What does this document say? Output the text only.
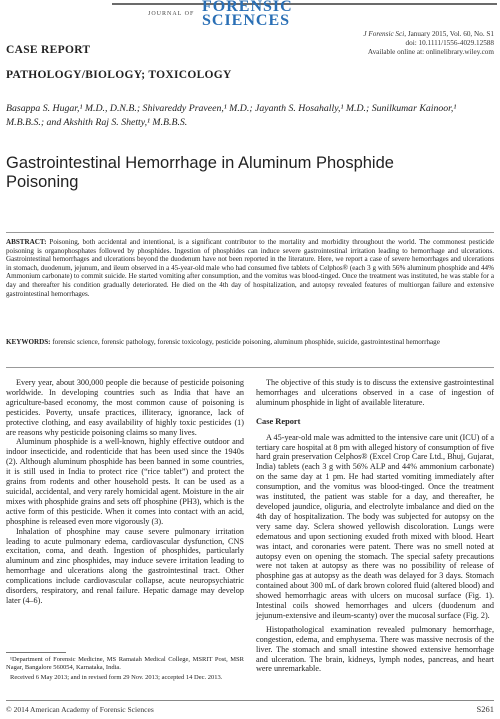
JOURNAL OF FORENSIC
SCIENCES
J Forensic Sci, January 2015, Vol. 60, No. S1
doi: 10.1111/1556-4029.12588
Available online at: onlinelibrary.wiley.com
CASE REPORT
PATHOLOGY/BIOLOGY; TOXICOLOGY
Basappa S. Hugar,¹ M.D., D.N.B.; Shivareddy Praveen,¹ M.D.; Jayanth S. Hosahally,¹ M.D.; Sunilkumar Kainoor,¹ M.B.B.S.; and Akshith Raj S. Shetty,¹ M.B.B.S.
Gastrointestinal Hemorrhage in Aluminum Phosphide Poisoning
ABSTRACT: Poisoning, both accidental and intentional, is a significant contributor to the mortality and morbidity throughout the world. The commonest pesticide poisoning is organophosphates followed by phosphides. Ingestion of phosphides can induce severe gastrointestinal irritation leading to hemorrhage and ulcerations. Gastrointestinal hemorrhages and ulcerations beyond the duodenum have not been reported in the literature. Here, we report a case of severe hemorrhages and ulcerations in stomach, duodenum, jejunum, and ileum observed in a 45-year-old male who had consumed five tablets of Celphos® (each 3 g with 56% aluminum phosphide and 44% Ammonium carbonate) to commit suicide. He started vomiting after consumption, and the vomitus was blood-tinged. Once the treatment was instituted, he was stable for a day and thereafter his condition gradually deteriorated. He died on the 4th day of hospitalization, and autopsy revealed features of multiorgan failure and extensive gastrointestinal hemorrhages.
KEYWORDS: forensic science, forensic pathology, forensic toxicology, pesticide poisoning, aluminum phosphide, suicide, gastrointestinal hemorrhage

Every year, about 300,000 people die because of pesticide poisoning worldwide. In developing countries such as India that have an agriculture-based economy, the most common cause of poisoning is pesticides. Poverty, unsafe practices, illiteracy, ignorance, lack of protective clothing, and easy availability of highly toxic pesticides (1) are reasons why pesticide poisoning claims so many lives.

Aluminum phosphide is a well-known, highly effective outdoor and indoor insecticide, and rodenticide that has been used since the 1940s (2). Although aluminum phosphide has been banned in some countries, it is still used in India to protect rice (“rice tablet”) and protect the grains from rodents and other household pests. It can be used as a suicidal, accidental, and very rarely homicidal agent. Moisture in the air mixes with phosphide grains and sets off phosphine (PH3), which is the active form of this pesticide. When it comes into contact with an acid, phosphine is released even more vigorously (3).

Inhalation of phosphine may cause severe pulmonary irritation leading to acute pulmonary edema, cardiovascular dysfunction, CNS excitation, coma, and death. Ingestion of phosphides, particularly aluminum and zinc phosphides, may induce severe irritation leading to hemorrhage and ulcerations along the gastrointestinal tract. Other complications include cardiovascular collapse, acute neuropsychiatric disorders, respiratory, and renal failure. Hepatic damage may develop later (4–6).

The objective of this study is to discuss the extensive gastrointestinal hemorrhages and ulcerations observed in a case of ingestion of aluminum phosphide in light of available literature.

Case Report

A 45-year-old male was admitted to the intensive care unit (ICU) of a tertiary care hospital at 8 pm with alleged history of consumption of five hard grain preservation Celphos® (Excel Crop Care Ltd., Bhuj, Gujarat, India) tablets (each 3 g with 56% ALP and 44% ammonium carbonate) on the same day at 1 pm. He had started vomiting immediately after consumption, and the vomitus was blood-tinged. Once the treatment was instituted, the patient was stable for a day, and thereafter, he developed jaundice, oliguria, and electrolyte imbalance and died on the 4th day of hospitalization. The body was subjected for autopsy on the very same day. Sclera showed yellowish discoloration. Lungs were edematous and upon sectioning exuded froth mixed with blood. Heart was intact, and coronaries were patent. There was no smell noted at autopsy even on opening the stomach. The special safety precautions were not taken at autopsy as there was no possibility of release of phosphine gas at autopsy as the death was delayed for 3 days. Stomach contained about 300 mL of dark brown colored fluid (altered blood) and showed hemorrhagic areas with ulcers on mucosal surface (Fig. 1). Intestinal coils showed hemorrhages and ulcers (duodenum and jejunum-extensive and ileum-scanty) over the mucosal surface (Fig. 2).

Histopathological examination revealed pulmonary hemorrhage, congestion, edema, and emphysema. There was massive necrosis of the liver. The stomach and small intestine showed extensive hemorrhage and ulceration. The brain, kidneys, lymph nodes, pancreas, and heart were unremarkable.

¹Department of Forensic Medicine, MS Ramaiah Medical College, MSRIT Post, MSR Nagar, Bangalore 560054, Karnataka, India.

Received 6 May 2013; and in revised form 29 Nov. 2013; accepted 14 Dec. 2013.

© 2014 American Academy of Forensic Sciences	S261
